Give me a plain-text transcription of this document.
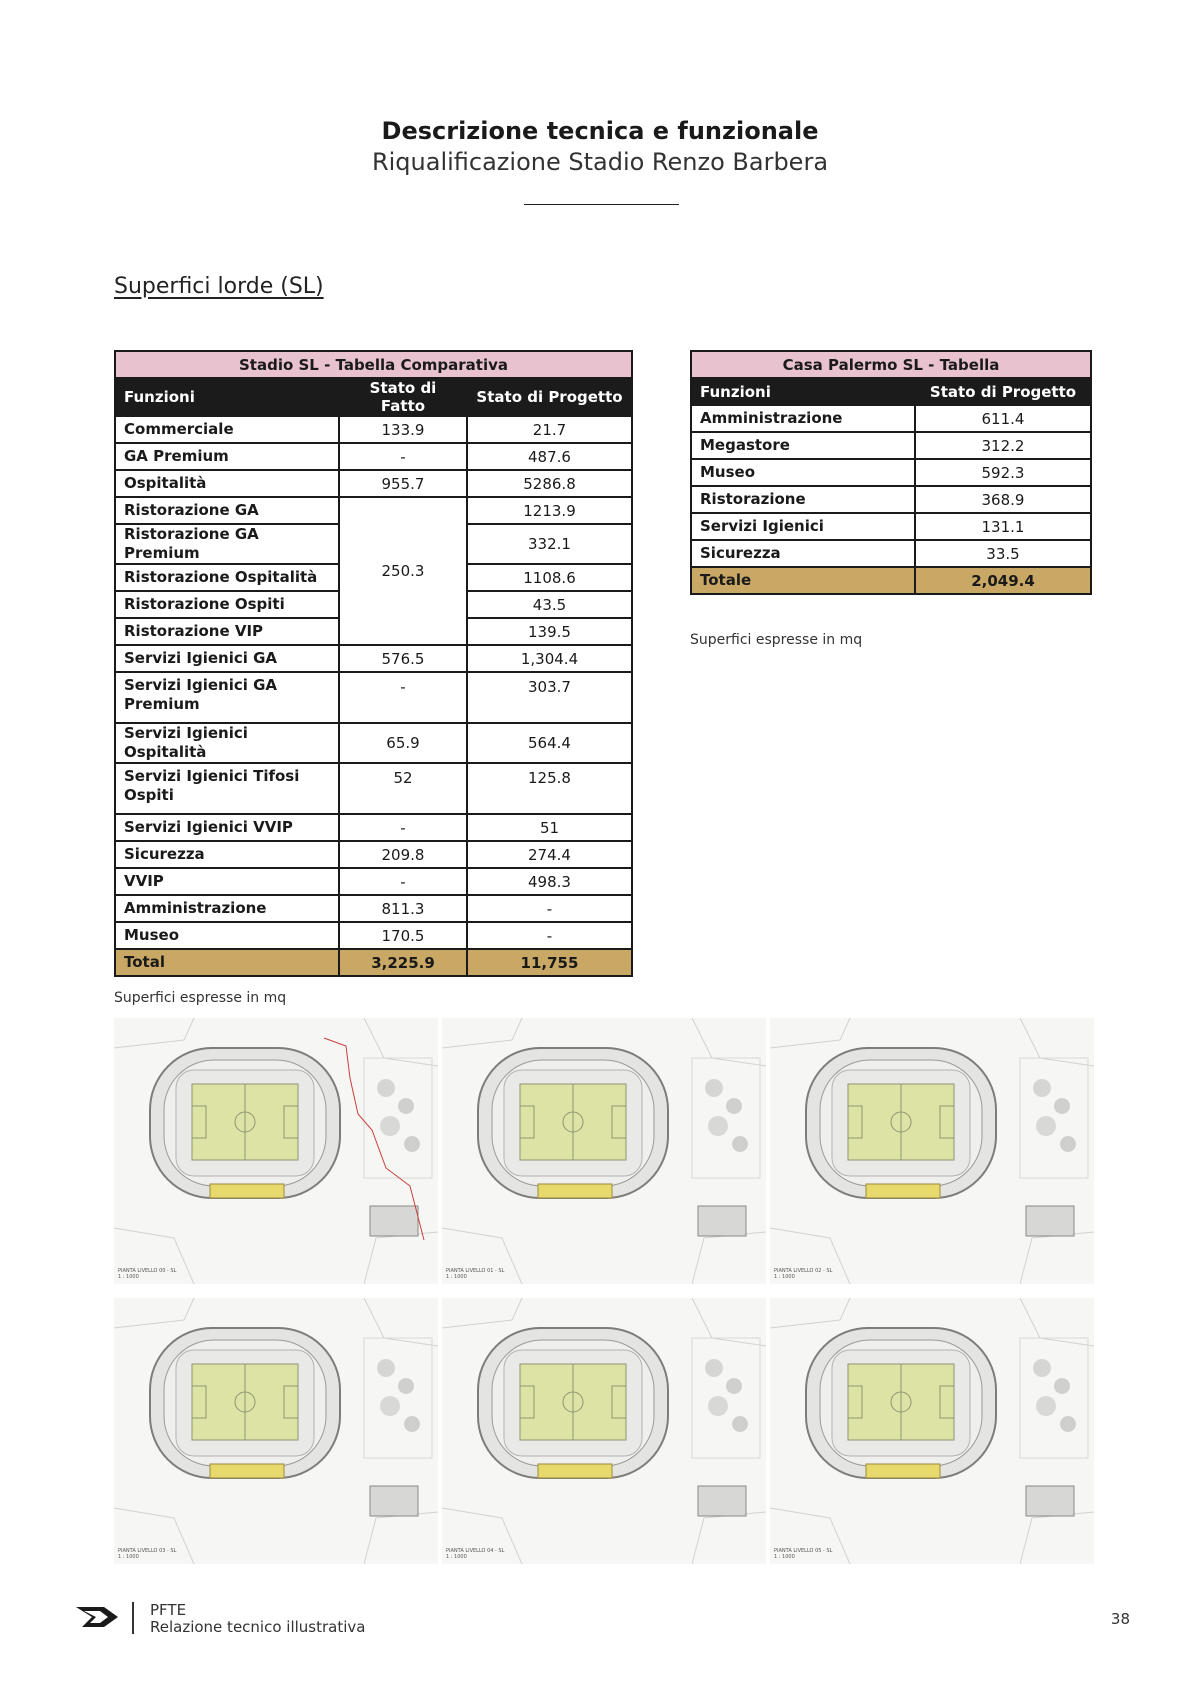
Descrizione tecnica e funzionale
Riqualificazione Stadio Renzo Barbera
Superfici lorde (SL)
Stadio SL - Tabella Comparativa		
Funzioni	Stato di Fatto	Stato di Progetto
Commerciale	133.9	21.7
GA Premium	-	487.6
Ospitalità	955.7	5286.8
Ristorazione GA	250.3	1213.9
Ristorazione GA Premium		332.1
Ristorazione Ospitalità		1108.6
Ristorazione Ospiti		43.5
Ristorazione VIP		139.5
Servizi Igienici GA	576.5	1,304.4
Servizi Igienici GA Premium	-	303.7
Servizi Igienici Ospitalità	65.9	564.4
Servizi Igienici Tifosi Ospiti	52	125.8
Servizi Igienici VVIP	-	51
Sicurezza	209.8	274.4
VVIP	-	498.3
Amministrazione	811.3	-
Museo	170.5	-
Total	3,225.9	11,755
Casa Palermo SL - Tabella	
Funzioni	Stato di Progetto
Amministrazione	611.4
Megastore	312.2
Museo	592.3
Ristorazione	368.9
Servizi Igienici	131.1
Sicurezza	33.5
Totale	2,049.4
Superfici espresse in mq
Superfici espresse in mq
PIANTA LIVELLO 00 - SL
1 : 1000
PIANTA LIVELLO 01 - SL
1 : 1000
PIANTA LIVELLO 02 - SL
1 : 1000
PIANTA LIVELLO 03 - SL
1 : 1000
PIANTA LIVELLO 04 - SL
1 : 1000
PIANTA LIVELLO 05 - SL
1 : 1000
PFTE
Relazione tecnico illustrativa	38
